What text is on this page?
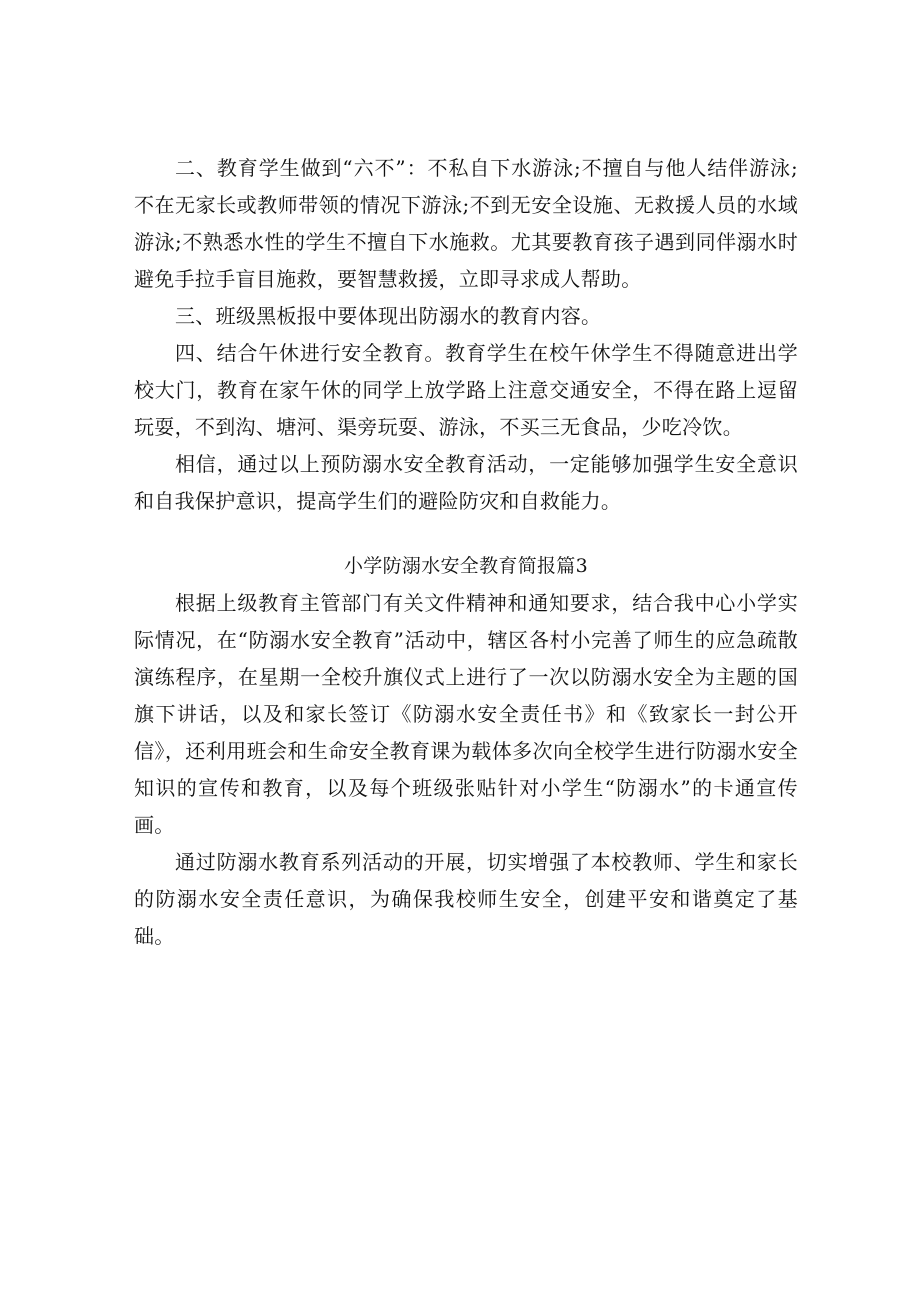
二、教育学生做到“六不”：不私自下水游泳;不擅自与他人结伴游泳;不在无家长或教师带领的情况下游泳;不到无安全设施、无救援人员的水域游泳;不熟悉水性的学生不擅自下水施救。尤其要教育孩子遇到同伴溺水时避免手拉手盲目施救，要智慧救援，立即寻求成人帮助。

三、班级黑板报中要体现出防溺水的教育内容。

四、结合午休进行安全教育。教育学生在校午休学生不得随意进出学校大门，教育在家午休的同学上放学路上注意交通安全，不得在路上逗留玩耍，不到沟、塘河、渠旁玩耍、游泳，不买三无食品，少吃冷饮。

相信，通过以上预防溺水安全教育活动，一定能够加强学生安全意识和自我保护意识，提高学生们的避险防灾和自救能力。

小学防溺水安全教育简报篇3

根据上级教育主管部门有关文件精神和通知要求，结合我中心小学实际情况，在“防溺水安全教育”活动中，辖区各村小完善了师生的应急疏散演练程序，在星期一全校升旗仪式上进行了一次以防溺水安全为主题的国旗下讲话，以及和家长签订《防溺水安全责任书》和《致家长一封公开信》，还利用班会和生命安全教育课为载体多次向全校学生进行防溺水安全知识的宣传和教育，以及每个班级张贴针对小学生“防溺水”的卡通宣传画。

通过防溺水教育系列活动的开展，切实增强了本校教师、学生和家长的防溺水安全责任意识，为确保我校师生安全，创建平安和谐奠定了基础。
